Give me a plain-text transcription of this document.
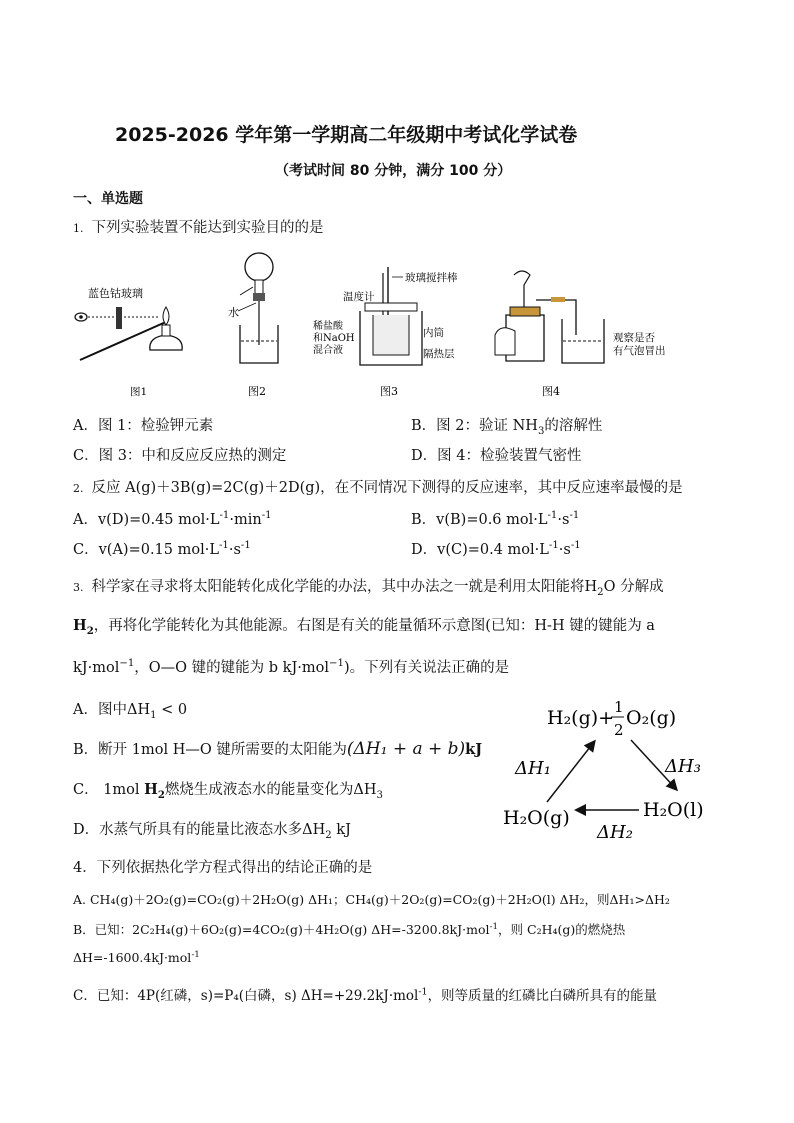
2025-2026 学年第一学期高二年级期中考试化学试卷
（考试时间 80 分钟，满分 100 分）
一、单选题
1. 下列实验装置不能达到实验目的的是
蓝色钴玻璃
图1
水
图2
玻璃搅拌棒
温度计
稀盐酸
和NaOH
混合液
内筒
隔热层
图3
观察是否
有气泡冒出
图4
A．图 1：检验钾元素	B．图 2：验证 $NH_3$的溶解性
C．图 3：中和反应反应热的测定	D．图 4：检验装置气密性
2. 反应 A(g)＋3B(g)=2C(g)＋2D(g)，在不同情况下测得的反应速率，其中反应速率最慢的是
A．v(D)=0.45 $mol\cdot L^{-1}\cdot\min^{-1}$	B．v(B)=0.6 $mol\cdot L^{-1}\cdot s^{-1}$
C．v(A)=0.15 $mol\cdot L^{-1}\cdot s^{-1}$	D．v(C)=0.4 $mol\cdot L^{-1}\cdot s^{-1}$
3. 科学家在寻求将太阳能转化成化学能的办法，其中办法之一就是利用太阳能将$H_2O$ 分解成
$H_2$，再将化学能转化为其他能源。右图是有关的能量循环示意图(已知：H-H 键的键能为 a
kJ·mol$^{-1}$，O—O 键的键能为 b kJ·mol$^{-1}$)。下列有关说法正确的是
A．图中$\Delta H_1 < 0$
B．断开 1mol H—O 键所需要的太阳能为(ΔH₁ + a + b)kJ
C． 1mol $H_2$燃烧生成液态水的能量变化为$\Delta H_3$
D．水蒸气所具有的能量比液态水多$\Delta H_2$ kJ
H₂(g)+ 1
2
O₂(g)
H₂O(g)	H₂O(l)
ΔH₁	ΔH₃
ΔH₂
4．下列依据热化学方程式得出的结论正确的是
A. CH₄(g)＋2O₂(g)=CO₂(g)＋2H₂O(g) ΔH₁；CH₄(g)＋2O₂(g)=CO₂(g)＋2H₂O(l) ΔH₂，则ΔH₁>ΔH₂
B．已知：2C₂H₄(g)＋6O₂(g)=4CO₂(g)＋4H₂O(g) ΔH=-3200.8kJ·mol$^{-1}$，则 C₂H₄(g)的燃烧热
ΔH=-1600.4kJ·mol$^{-1}$
C．已知：4P(红磷，s)=P₄(白磷，s) ΔH=+29.2kJ·mol$^{-1}$，则等质量的红磷比白磷所具有的能量
